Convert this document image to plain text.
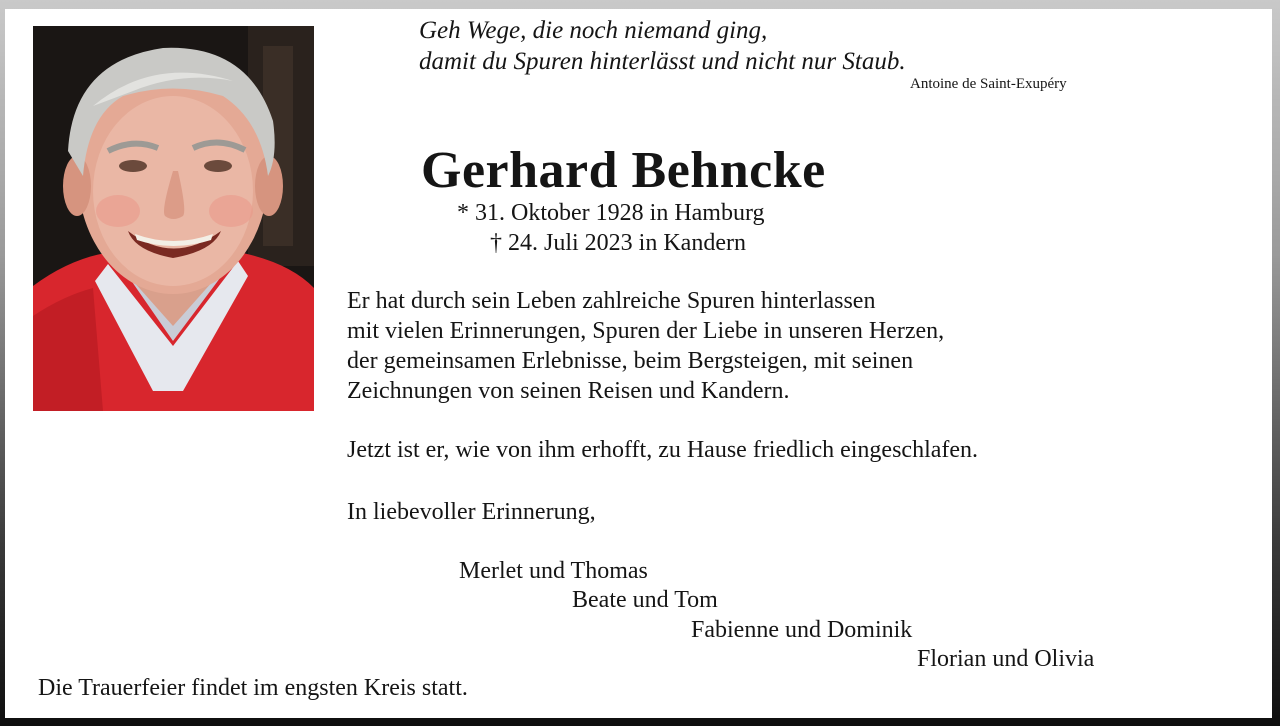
Geh Wege, die noch niemand ging,
damit du Spuren hinterlässt und nicht nur Staub.
Antoine de Saint-Exupéry
Gerhard Behncke
* 31. Oktober 1928 in Hamburg
† 24. Juli 2023 in Kandern
Er hat durch sein Leben zahlreiche Spuren hinterlassen
mit vielen Erinnerungen, Spuren der Liebe in unseren Herzen,
der gemeinsamen Erlebnisse, beim Bergsteigen, mit seinen
Zeichnungen von seinen Reisen und Kandern.
Jetzt ist er, wie von ihm erhofft, zu Hause friedlich eingeschlafen.
In liebevoller Erinnerung,
Merlet und Thomas
Beate und Tom
Fabienne und Dominik
Florian und Olivia
Die Trauerfeier findet im engsten Kreis statt.
